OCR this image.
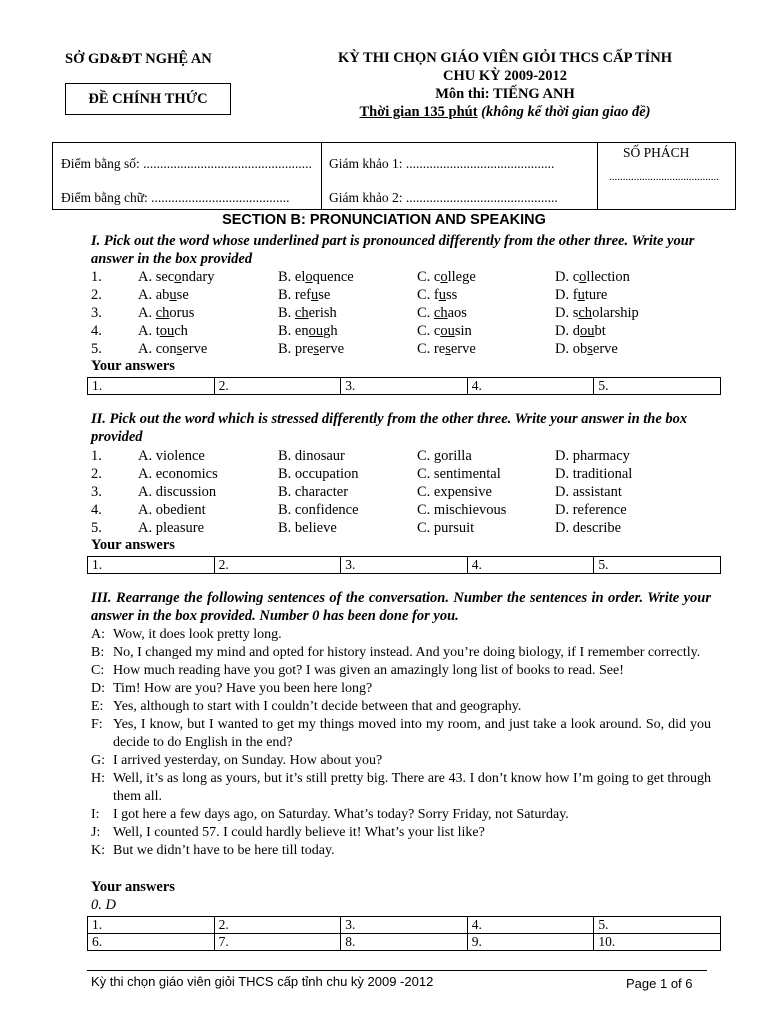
SỞ GD&ĐT NGHỆ AN
ĐỀ CHÍNH THỨC
KỲ THI CHỌN GIÁO VIÊN GIỎI THCS CẤP TỈNH
CHU KỲ 2009-2012
Môn thi: TIẾNG ANH
Thời gian 135 phút (không kể thời gian giao đề)
Điểm bằng số: ..................................................
Điểm bằng chữ: .........................................
Giám khảo 1: ............................................
Giám khảo 2: .............................................
SỐ PHÁCH
........................................
SECTION B: PRONUNCIATION AND SPEAKING
I. Pick out the word whose underlined part is pronounced differently from the other three. Write your answer in the box provided
1. A. secondary	B. eloquence	C. college	D. collection
2. A. abuse	B. refuse	C. fuss	D. future
3. A. chorus	B. cherish	C. chaos	D. scholarship
4. A. touch	B. enough	C. cousin	D. doubt
5. A. conserve	B. preserve	C. reserve	D. observe
Your answers
1.	2.	3.	4.	5.
II. Pick out the word which is stressed differently from the other three. Write your answer in the box provided
1. A. violence	B. dinosaur	C. gorilla	D. pharmacy
2. A. economics	B. occupation	C. sentimental	D. traditional
3. A. discussion	B. character	C. expensive	D. assistant
4. A. obedient	B. confidence	C. mischievous	D. reference
5. A. pleasure	B. believe	C. pursuit	D. describe
Your answers
1.	2.	3.	4.	5.
III. Rearrange the following sentences of the conversation. Number the sentences in order. Write your answer in the box provided. Number 0 has been done for you.
A: Wow, it does look pretty long.
B: No, I changed my mind and opted for history instead. And you’re doing biology, if I remember correctly.
C: How much reading have you got? I was given an amazingly long list of books to read. See!
D: Tim! How are you? Have you been here long?
E: Yes, although to start with I couldn’t decide between that and geography.
F: Yes, I know, but I wanted to get my things moved into my room, and just take a look around. So, did you decide to do English in the end?
G: I arrived yesterday, on Sunday. How about you?
H: Well, it’s as long as yours, but it’s still pretty big. There are 43. I don’t know how I’m going to get through them all.
I: I got here a few days ago, on Saturday. What’s today? Sorry Friday, not Saturday.
J: Well, I counted 57. I could hardly believe it! What’s your list like?
K: But we didn’t have to be here till today.
Your answers
0. D
1.	2.	3.	4.	5.
6.	7.	8.	9.	10.
Kỳ thi chọn giáo viên giỏi THCS cấp tỉnh chu kỳ 2009 -2012	Page 1 of 6
